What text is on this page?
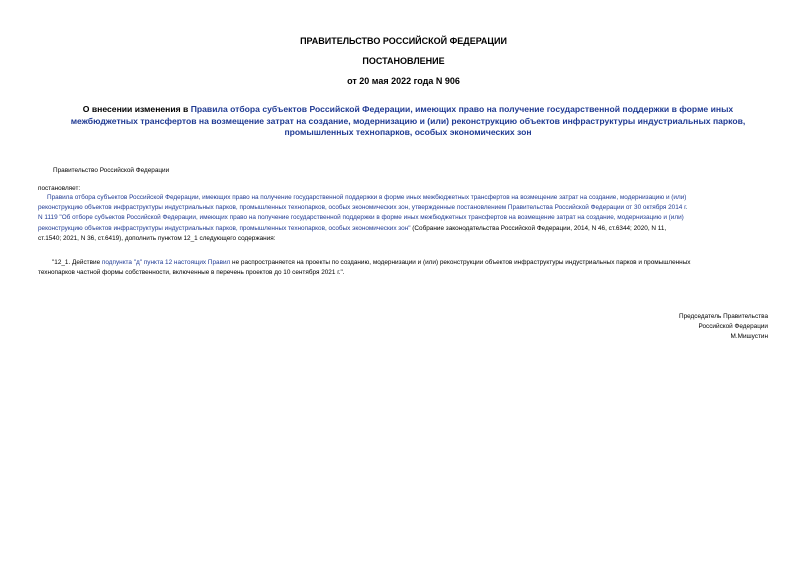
ПРАВИТЕЛЬСТВО РОССИЙСКОЙ ФЕДЕРАЦИИ
ПОСТАНОВЛЕНИЕ
от 20 мая 2022 года N 906
О внесении изменения в Правила отбора субъектов Российской Федерации, имеющих право на получение государственной поддержки в форме иных
межбюджетных трансфертов на возмещение затрат на создание, модернизацию и (или) реконструкцию объектов инфраструктуры индустриальных парков,
промышленных технопарков, особых экономических зон
Правительство Российской Федерации
постановляет:
Правила отбора субъектов Российской Федерации, имеющих право на получение государственной поддержки в форме иных межбюджетных трансфертов на возмещение затрат на создание, модернизацию и (или)
реконструкцию объектов инфраструктуры индустриальных парков, промышленных технопарков, особых экономических зон, утвержденные постановлением Правительства Российской Федерации от 30 октября 2014 г.
N 1119 "Об отборе субъектов Российской Федерации, имеющих право на получение государственной поддержки в форме иных межбюджетных трансфертов на возмещение затрат на создание, модернизацию и (или)
реконструкцию объектов инфраструктуры индустриальных парков, промышленных технопарков, особых экономических зон" (Собрание законодательства Российской Федерации, 2014, N 46, ст.6344; 2020, N 11,
ст.1540; 2021, N 36, ст.6419), дополнить пунктом 12_1 следующего содержания:
"12_1. Действие подпункта "д" пункта 12 настоящих Правил не распространяется на проекты по созданию, модернизации и (или) реконструкции объектов инфраструктуры индустриальных парков и промышленных
технопарков частной формы собственности, включенные в перечень проектов до 10 сентября 2021 г.".
Председатель Правительства
Российской Федерации
М.Мишустин
